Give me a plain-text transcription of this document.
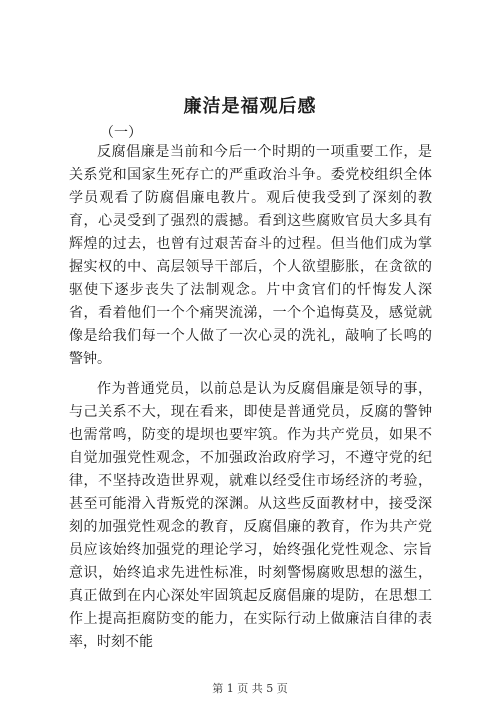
廉洁是福观后感
（一）

反腐倡廉是当前和今后一个时期的一项重要工作，是关系党和国家生死存亡的严重政治斗争。委党校组织全体学员观看了防腐倡廉电教片。观后使我受到了深刻的教育，心灵受到了强烈的震撼。看到这些腐败官员大多具有辉煌的过去，也曾有过艰苦奋斗的过程。但当他们成为掌握实权的中、高层领导干部后，个人欲望膨胀，在贪欲的驱使下逐步丧失了法制观念。片中贪官们的忏悔发人深省，看着他们一个个痛哭流涕，一个个追悔莫及，感觉就像是给我们每一个人做了一次心灵的洗礼，敲响了长鸣的警钟。

作为普通党员，以前总是认为反腐倡廉是领导的事，与己关系不大，现在看来，即使是普通党员，反腐的警钟也需常鸣，防变的堤坝也要牢筑。作为共产党员，如果不自觉加强党性观念，不加强政治政府学习，不遵守党的纪律，不坚持改造世界观，就难以经受住市场经济的考验，甚至可能滑入背叛党的深渊。从这些反面教材中，接受深刻的加强党性观念的教育，反腐倡廉的教育，作为共产党员应该始终加强党的理论学习，始终强化党性观念、宗旨意识，始终追求先进性标准，时刻警惕腐败思想的滋生，真正做到在内心深处牢固筑起反腐倡廉的堤防，在思想工作上提高拒腐防变的能力，在实际行动上做廉洁自律的表率，时刻不能

第 1 页 共 5 页
